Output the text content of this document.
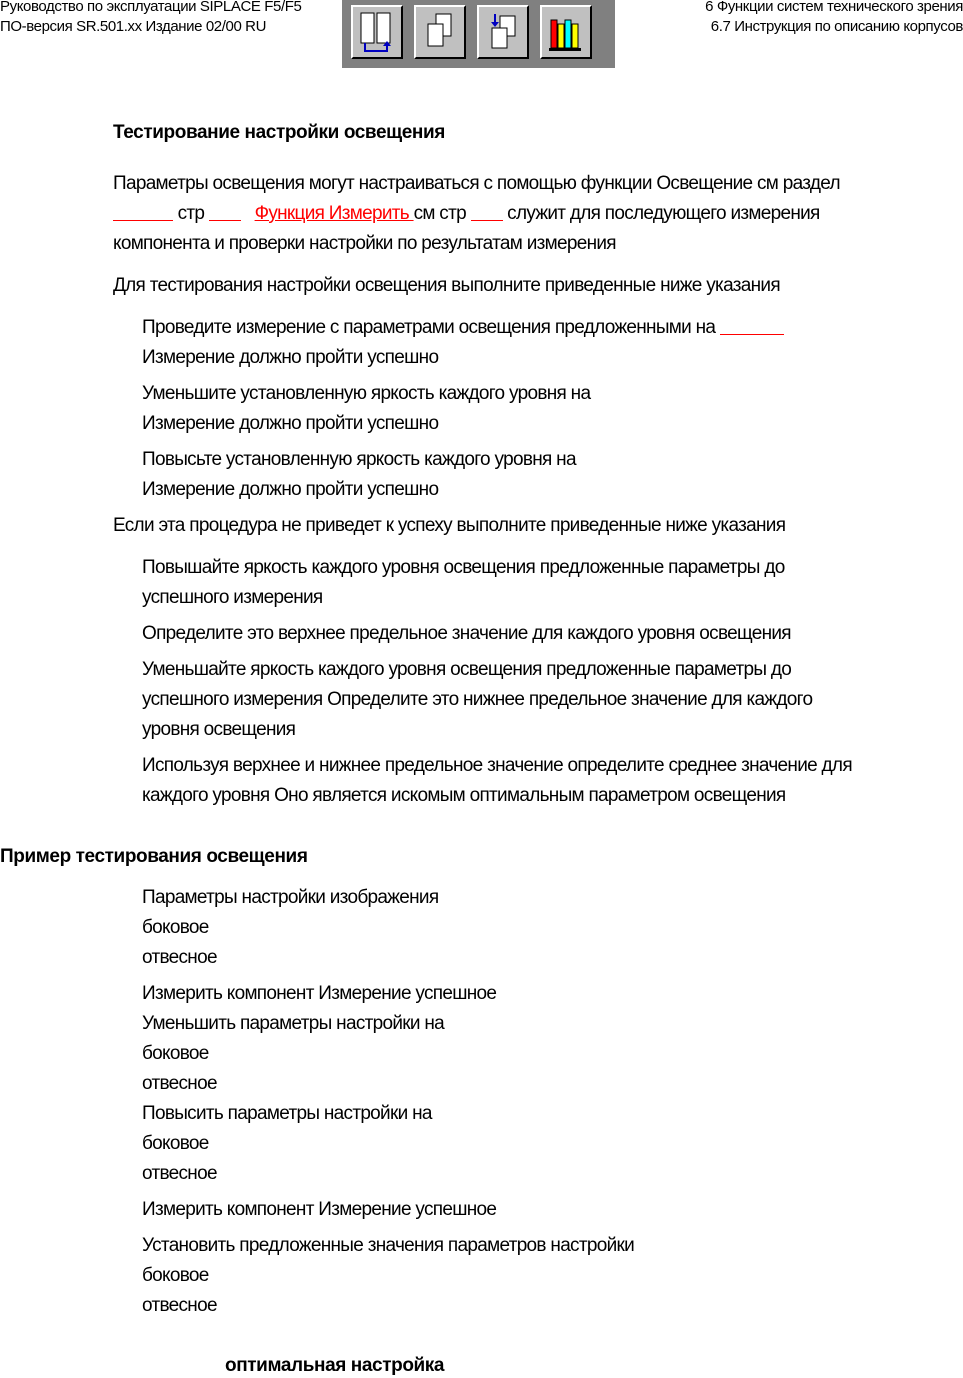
Руководство по эксплуатации SIPLACE F5/F5
ПО-версия SR.501.xx Издание 02/00 RU
6 Функции систем технического зрения
6.7 Инструкция по описанию корпусов
Тестирование настройки освещения
Параметры освещения могут настраиваться с помощью функции Освещение см раздел
стр    Функция Измерить см стр  служит для последующего измерения
компонента и проверки настройки по результатам измерения
Для тестирования настройки освещения выполните приведенные ниже указания
Проведите измерение с параметрами освещения предложенными на
Измерение должно пройти успешно
Уменьшите установленную яркость каждого уровня на
Измерение должно пройти успешно
Повысьте установленную яркость каждого уровня на
Измерение должно пройти успешно
Если эта процедура не приведет к успеху выполните приведенные ниже указания
Повышайте яркость каждого уровня освещения предложенные параметры до
успешного измерения
Определите это верхнее предельное значение для каждого уровня освещения
Уменьшайте яркость каждого уровня освещения предложенные параметры до
успешного измерения Определите это нижнее предельное значение для каждого
уровня освещения
Используя верхнее и нижнее предельное значение определите среднее значение для
каждого уровня Оно является искомым оптимальным параметром освещения
Пример тестирования освещения
Параметры настройки изображения
боковое
отвесное
Измерить компонент Измерение успешное
Уменьшить параметры настройки на
боковое
отвесное
Повысить параметры настройки на
боковое
отвесное
Измерить компонент Измерение успешное
Установить предложенные значения параметров настройки
боковое
отвесное
оптимальная настройка
